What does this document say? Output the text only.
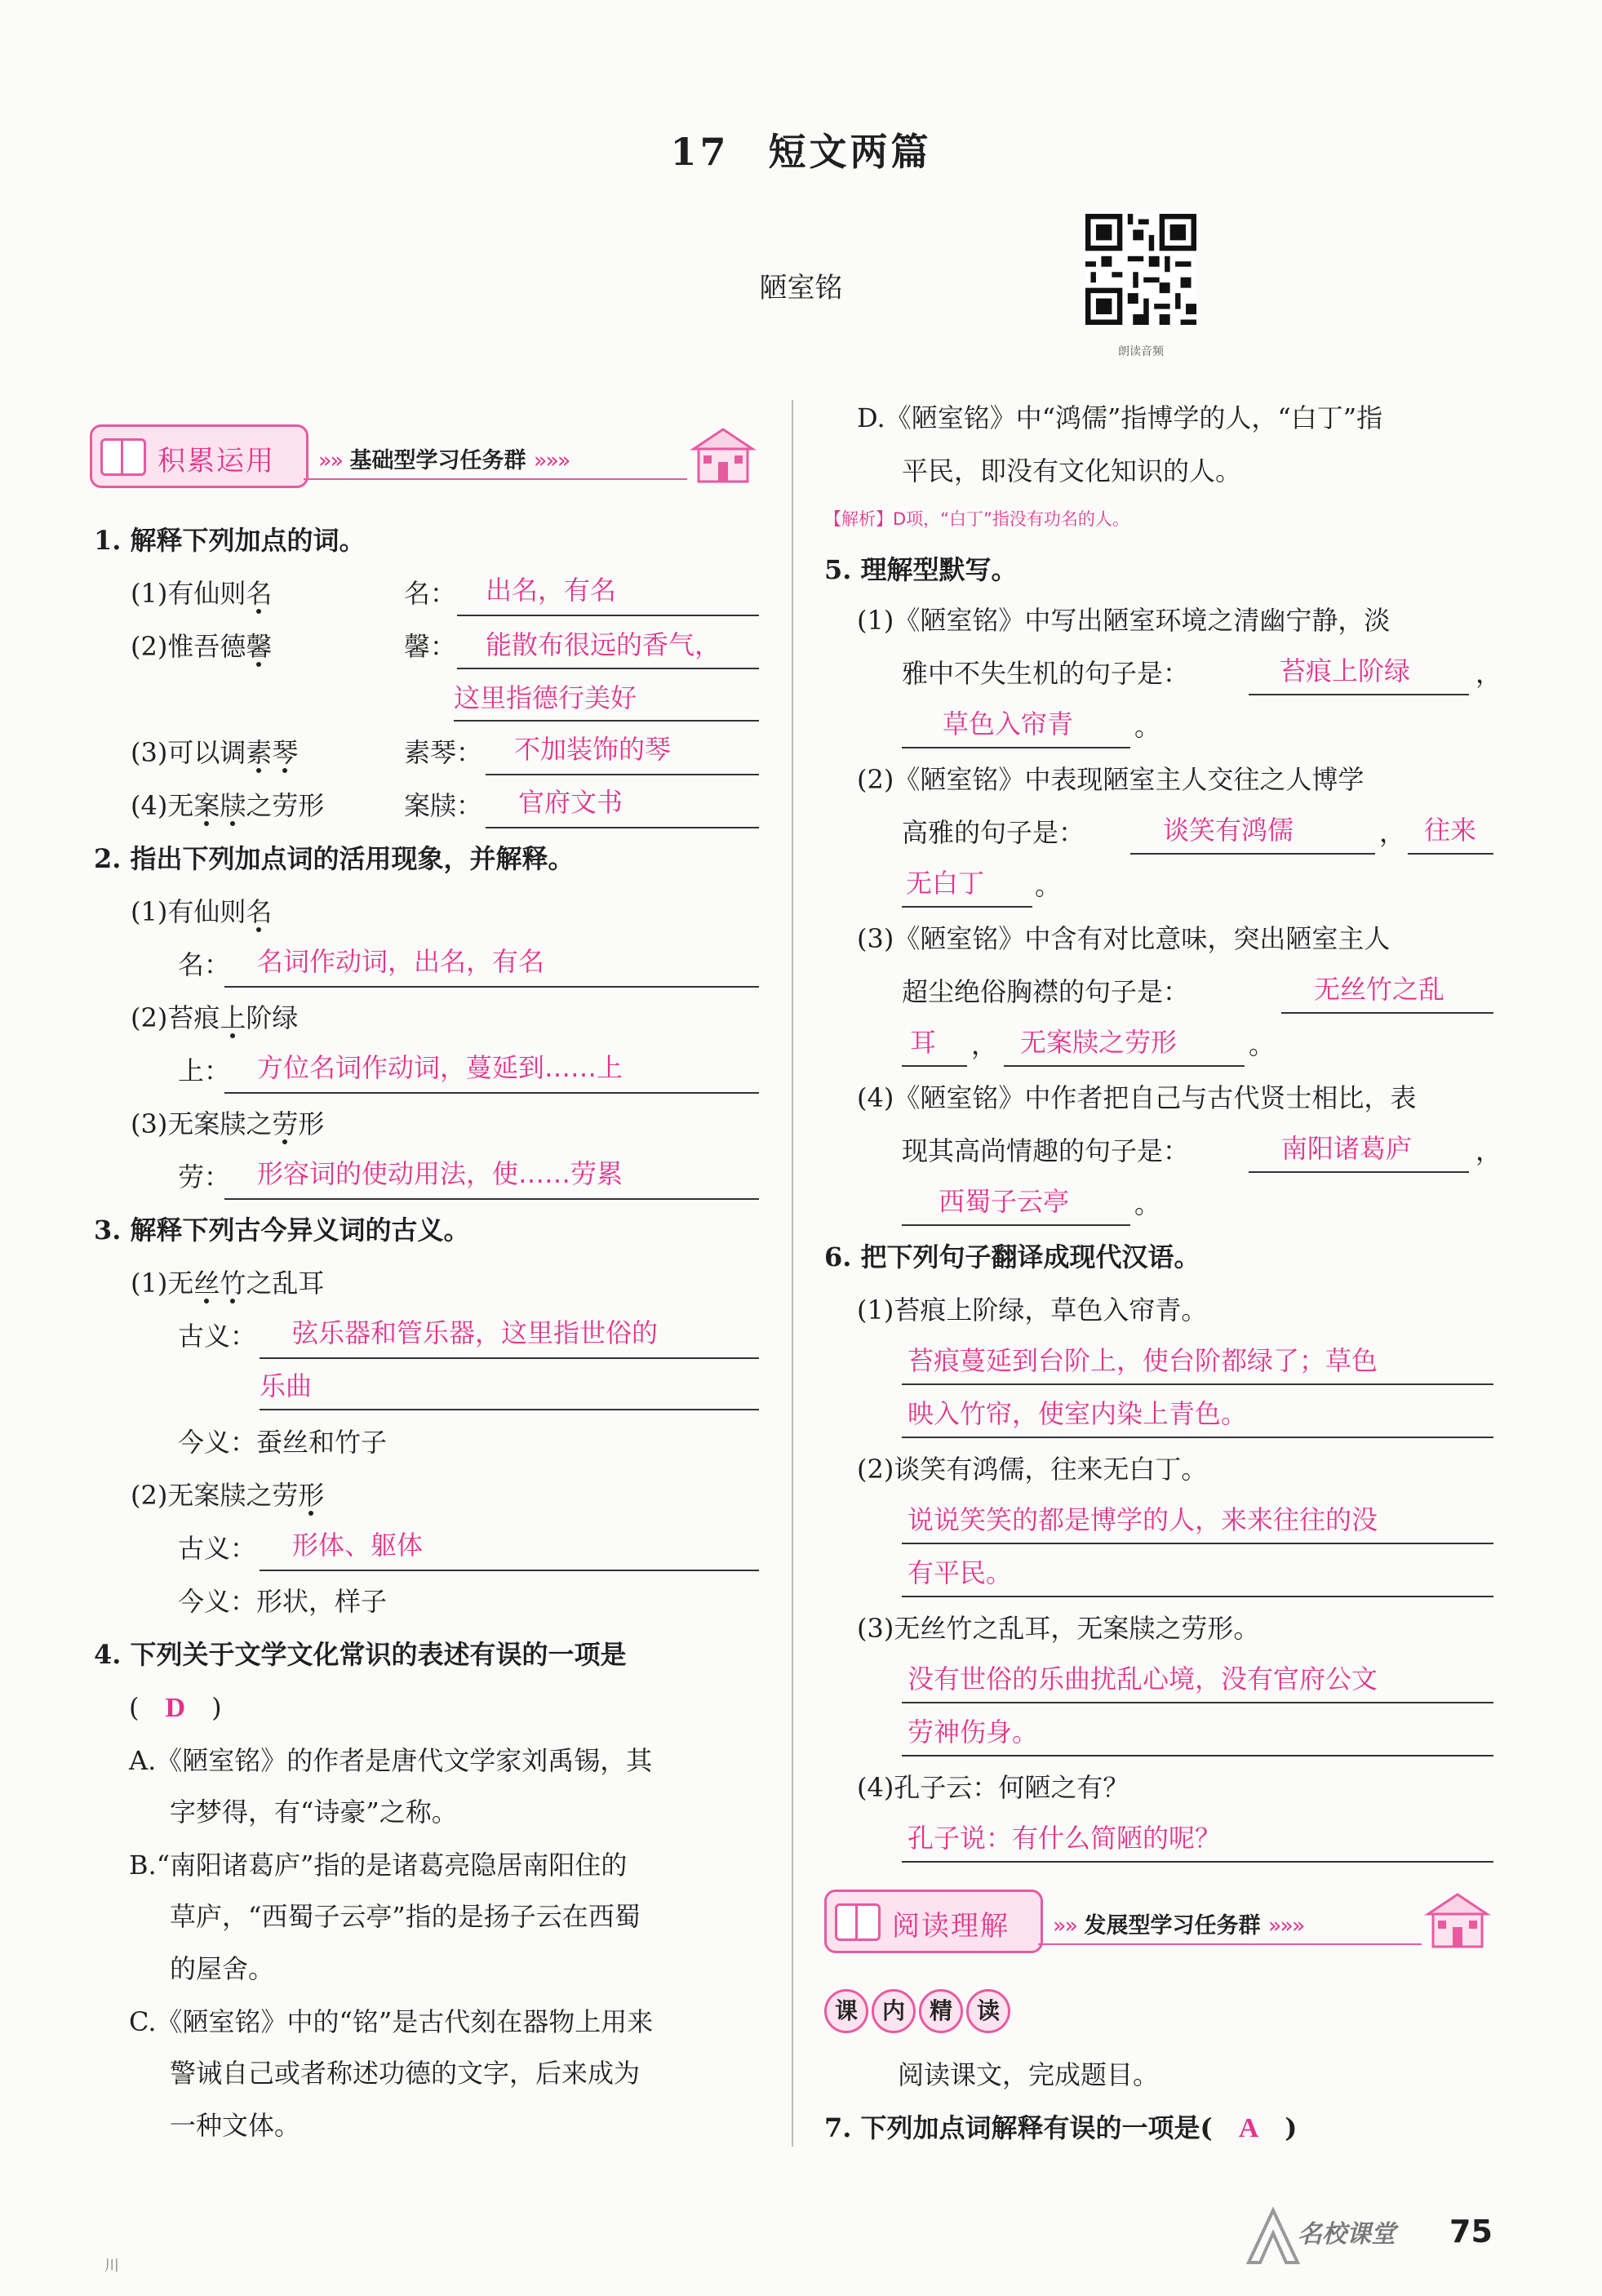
17 短文两篇
陋室铭
朗读音频
积累运用 »» 基础型学习任务群 »»»
1. 解释下列加点的词。
(1)有仙则名	名： 出名，有名
(2)惟吾德馨	馨： 能散布很远的香气，
这里指德行美好
(3)可以调素琴	素琴： 不加装饰的琴
(4)无案牍之劳形	案牍： 官府文书
2. 指出下列加点词的活用现象，并解释。
(1)有仙则名
名： 名词作动词，出名，有名
(2)苔痕上阶绿
上： 方位名词作动词，蔓延到……上
(3)无案牍之劳形
劳： 形容词的使动用法，使……劳累
3. 解释下列古今异义词的古义。
(1)无丝竹之乱耳
古义： 弦乐器和管乐器，这里指世俗的
乐曲
今义：蚕丝和竹子
(2)无案牍之劳形
古义： 形体、躯体
今义：形状，样子
4. 下列关于文学文化常识的表述有误的一项是
(　D　)
A.《陋室铭》的作者是唐代文学家刘禹锡，其
字梦得，有“诗豪”之称。
B.“南阳诸葛庐”指的是诸葛亮隐居南阳住的
草庐，“西蜀子云亭”指的是扬子云在西蜀
的屋舍。
C.《陋室铭》中的“铭”是古代刻在器物上用来
警诫自己或者称述功德的文字，后来成为
一种文体。
D.《陋室铭》中“鸿儒”指博学的人，“白丁”指
平民，即没有文化知识的人。
【解析】D项，“白丁”指没有功名的人。
5. 理解型默写。
(1)《陋室铭》中写出陋室环境之清幽宁静，淡
雅中不失生机的句子是：	苔痕上阶绿 ，
草色入帘青 。
(2)《陋室铭》中表现陋室主人交往之人博学
高雅的句子是：	谈笑有鸿儒	， 往来
无白丁 。
(3)《陋室铭》中含有对比意味，突出陋室主人
超尘绝俗胸襟的句子是：	无丝竹之乱
耳 ， 无案牍之劳形	。
(4)《陋室铭》中作者把自己与古代贤士相比，表
现其高尚情趣的句子是：	南阳诸葛庐 ，
西蜀子云亭 。
6. 把下列句子翻译成现代汉语。
(1)苔痕上阶绿，草色入帘青。
苔痕蔓延到台阶上，使台阶都绿了；草色
映入竹帘，使室内染上青色。
(2)谈笑有鸿儒，往来无白丁。
说说笑笑的都是博学的人，来来往往的没
有平民。
(3)无丝竹之乱耳，无案牍之劳形。
没有世俗的乐曲扰乱心境，没有官府公文
劳神伤身。
(4)孔子云：何陋之有？
孔子说：有什么简陋的呢？
阅读理解 »» 发展型学习任务群 »»»
课	内	精	读
阅读课文，完成题目。
7. 下列加点词解释有误的一项是(　 A　 )
川
名校课堂 75
